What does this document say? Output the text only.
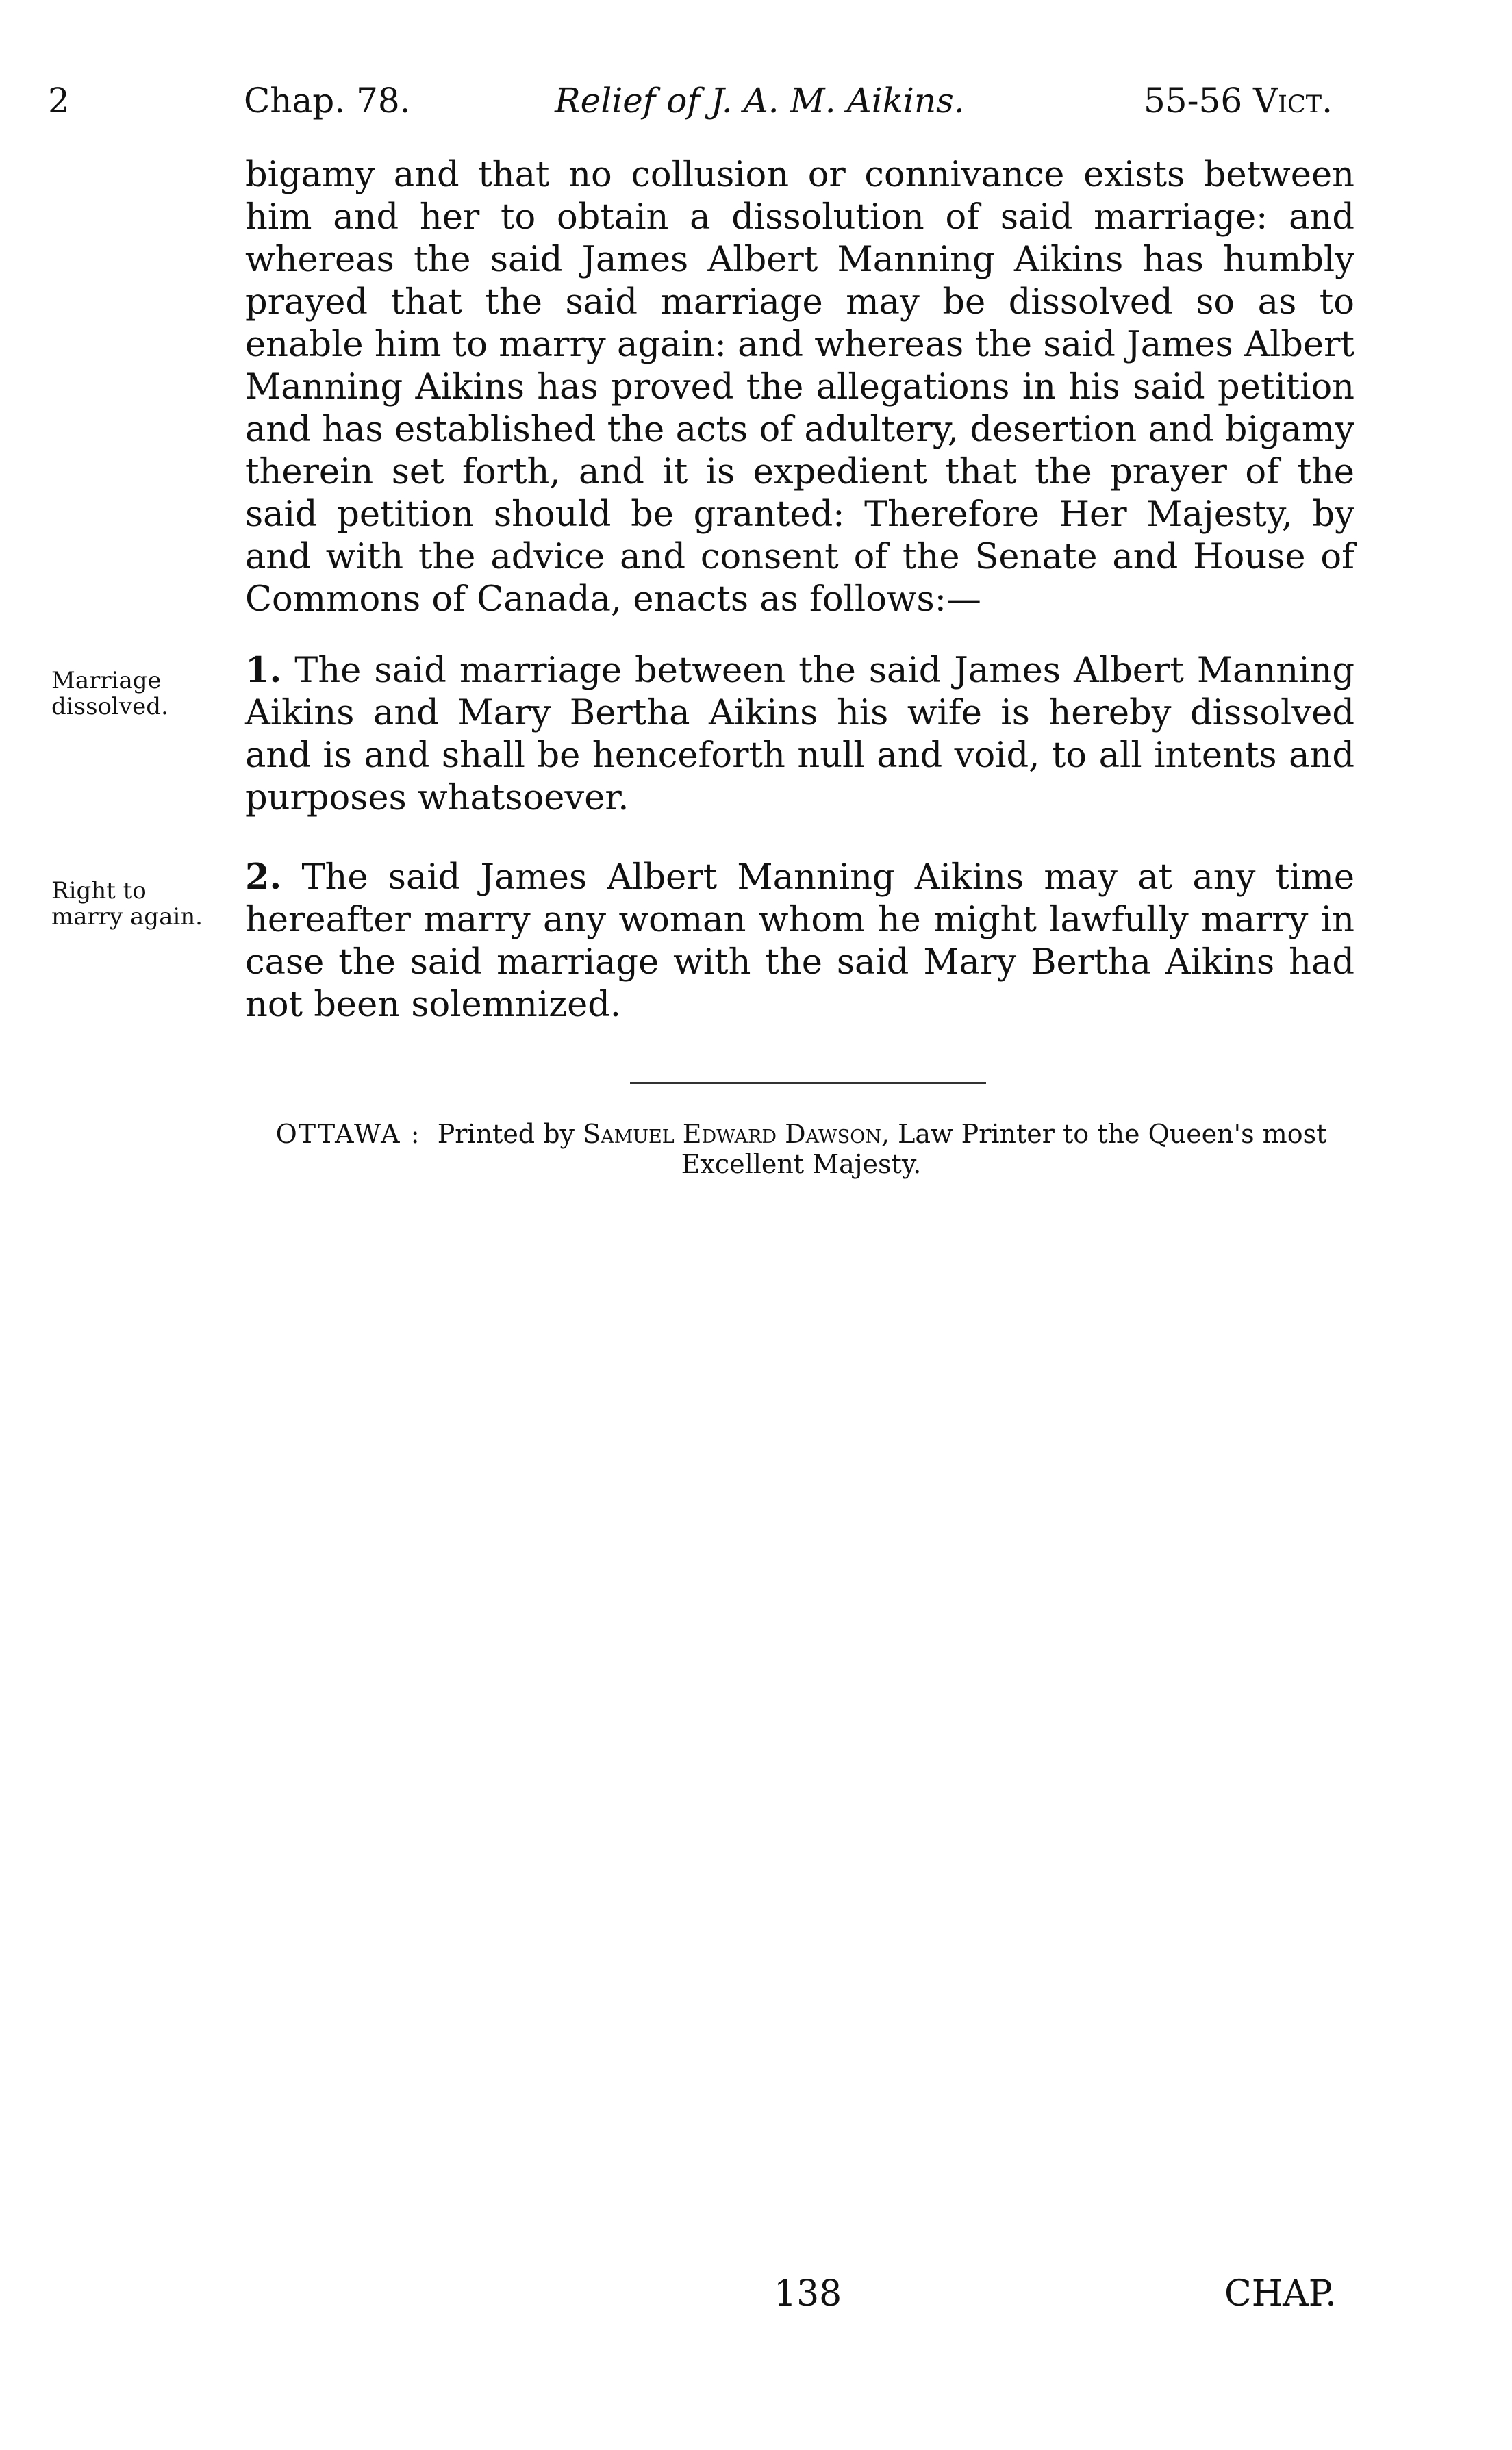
2	Chap. 78.	Relief of J. A. M. Aikins.	55-56 Vict.

bigamy and that no collusion or connivance exists between him and her to obtain a dissolution of said marriage: and whereas the said James Albert Manning Aikins has humbly prayed that the said marriage may be dissolved so as to enable him to marry again: and whereas the said James Albert Manning Aikins has proved the allegations in his said petition and has established the acts of adultery, desertion and bigamy therein set forth, and it is expedient that the prayer of the said petition should be granted: Therefore Her Majesty, by and with the advice and consent of the Senate and House of Commons of Canada, enacts as follows:—

Marriage dissolved.

1. The said marriage between the said James Albert Manning Aikins and Mary Bertha Aikins his wife is hereby dissolved and is and shall be henceforth null and void, to all intents and purposes whatsoever.

Right to marry again.

2. The said James Albert Manning Aikins may at any time hereafter marry any woman whom he might lawfully marry in case the said marriage with the said Mary Bertha Aikins had not been solemnized.

OTTAWA : Printed by Samuel Edward Dawson, Law Printer to the Queen's most Excellent Majesty.
138	CHAP.
